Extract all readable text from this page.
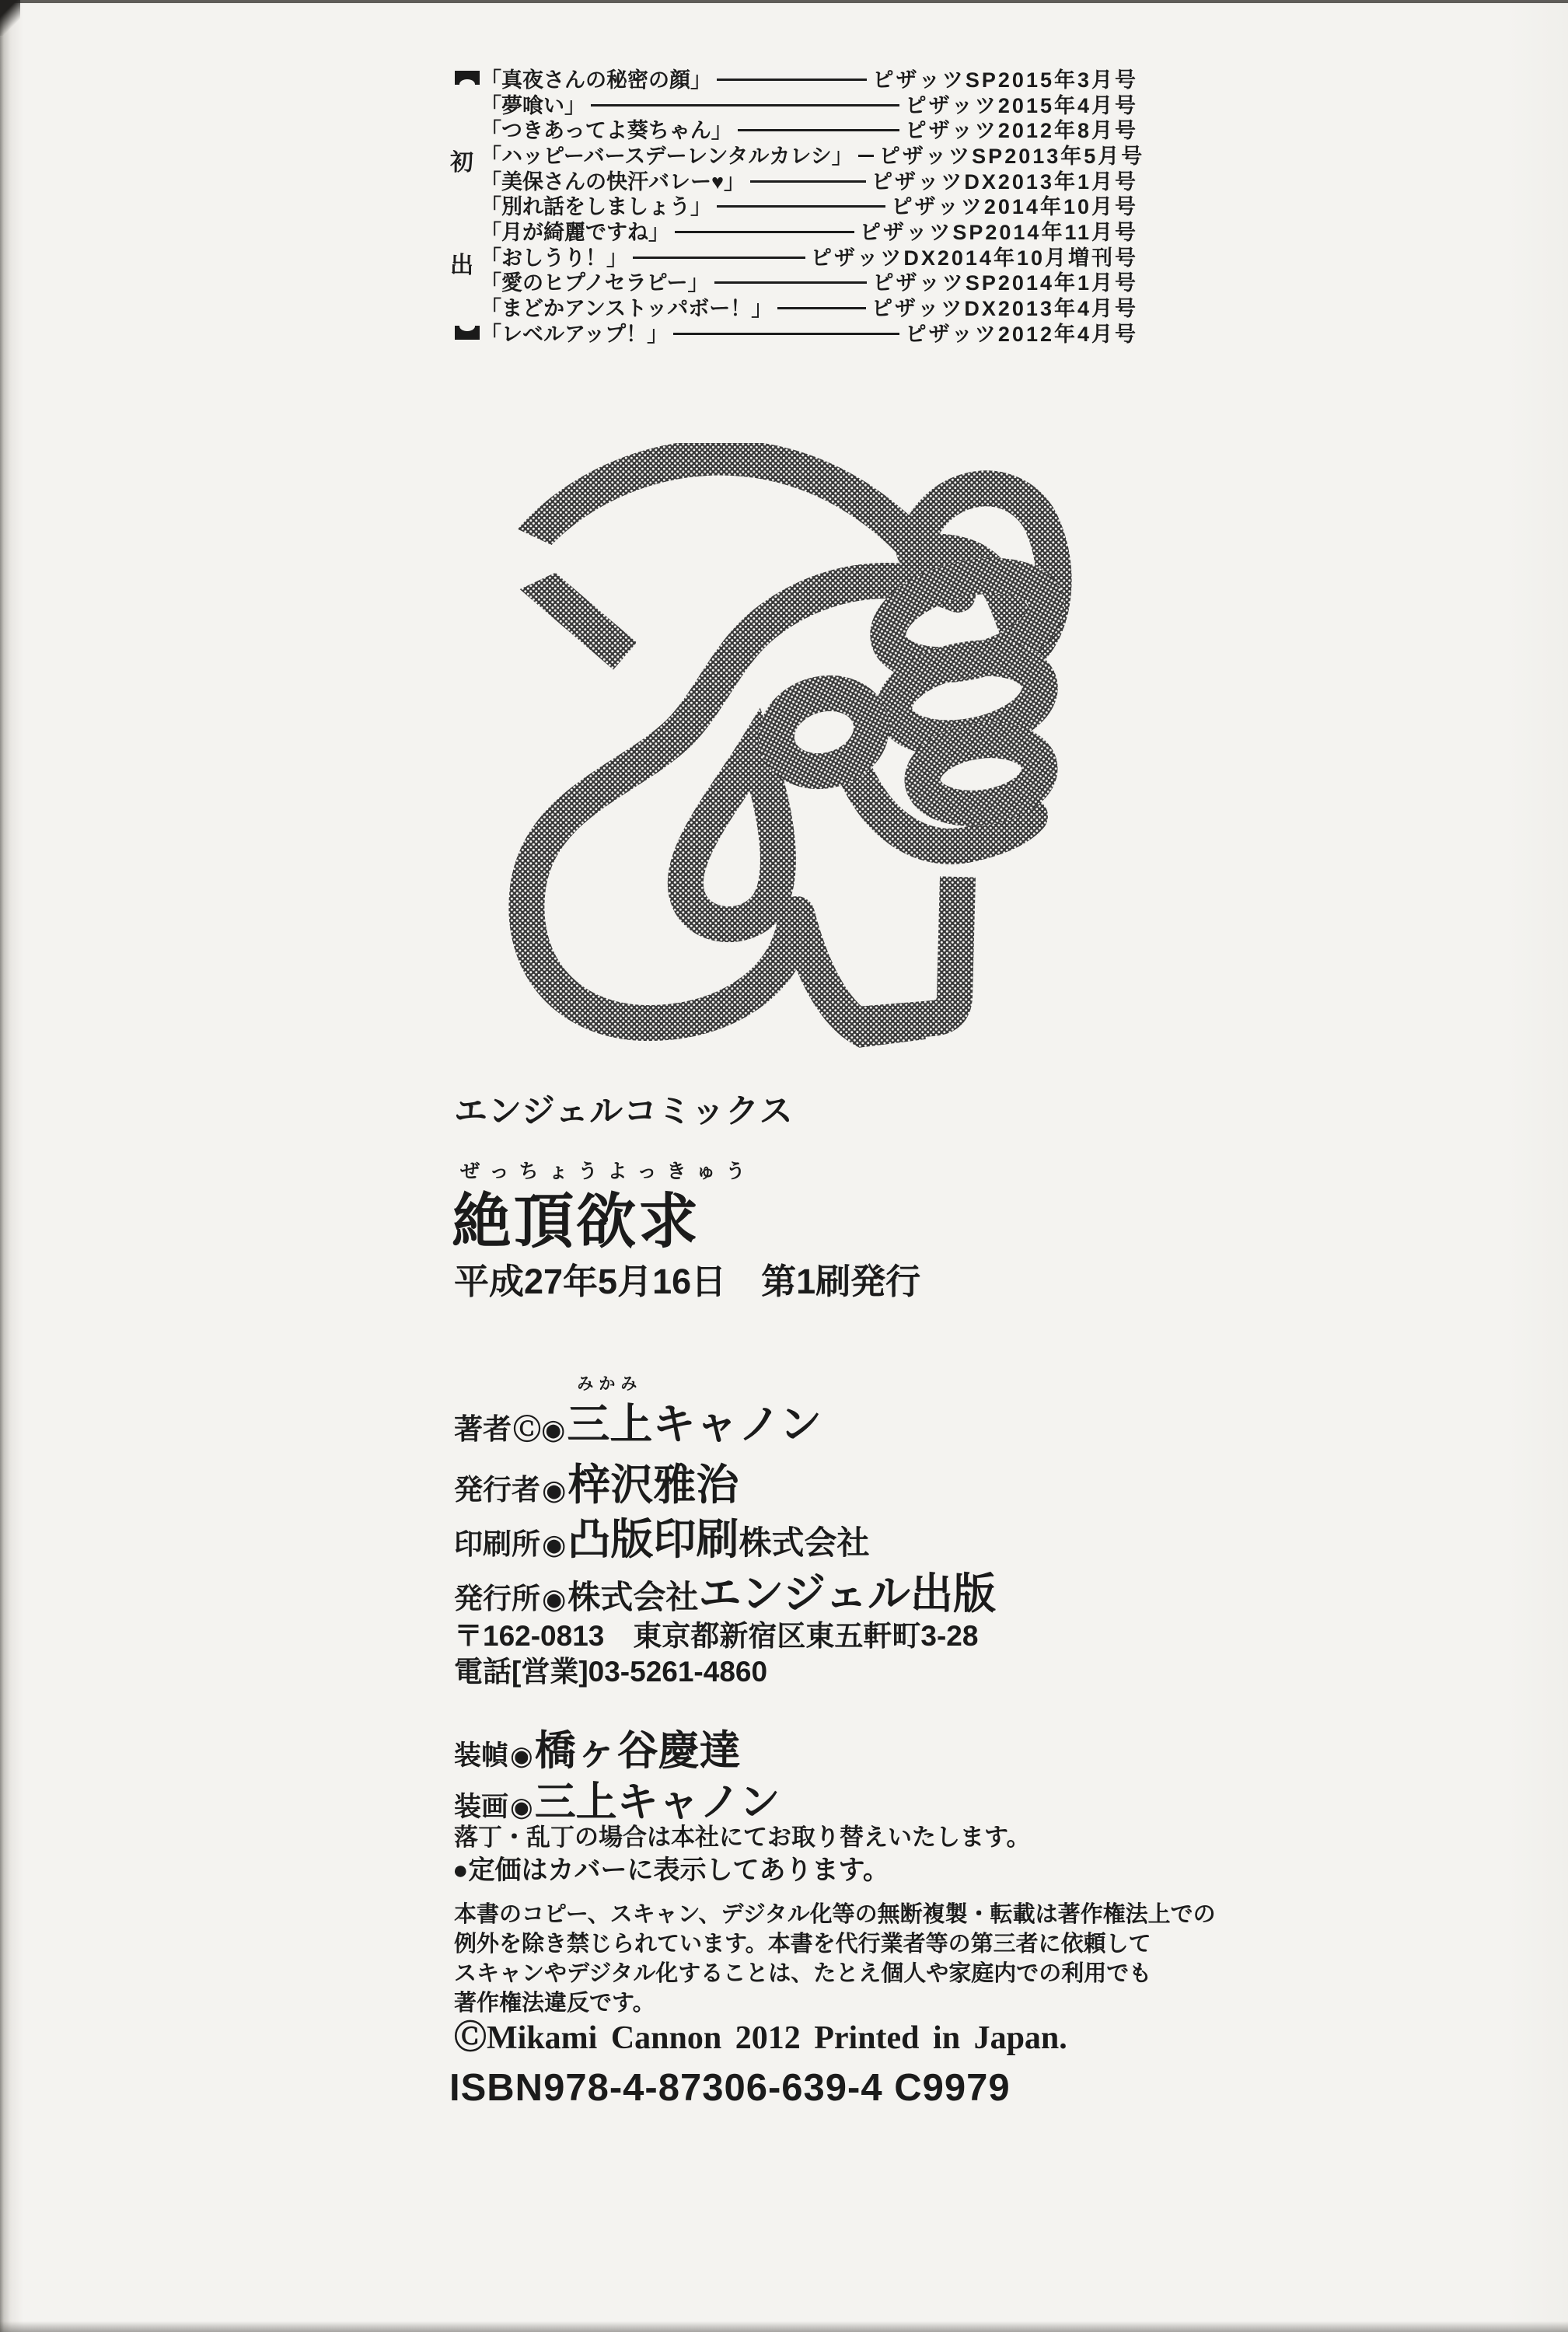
初
出
「真夜さんの秘密の顔」	ピザッツSP2015年3月号
「夢喰い」	ピザッツ2015年4月号
「つきあってよ葵ちゃん」	ピザッツ2012年8月号
「ハッピーバースデーレンタルカレシ」 ピザッツSP2013年5月号
「美保さんの快汗バレー♥」	ピザッツDX2013年1月号
「別れ話をしましょう」	ピザッツ2014年10月号
「月が綺麗ですね」	ピザッツSP2014年11月号
「おしうり！」	ピザッツDX2014年10月増刊号
「愛のヒプノセラピー」	ピザッツSP2014年1月号
「まどかアンストッパボー！」	ピザッツDX2013年4月号
「レベルアップ！」	ピザッツ2012年4月号
エンジェルコミックス
ぜっちょうよっきゅう
絶頂欲求
平成27年5月16日　第1刷発行
著者 Ⓒ◉
みかみ
三上 キャノン
発行者 ◉ 梓沢雅治
印刷所 ◉ 凸版印刷 株式会社
発行所 ◉ 株式会社 エンジェル出版
〒162-0813　東京都新宿区東五軒町3-28
電話[営業]03-5261-4860
装幀 ◉ 橋ヶ谷慶達
装画 ◉ 三上キャノン
落丁・乱丁の場合は本社にてお取り替えいたします。
●定価はカバーに表示してあります。
本書のコピー、スキャン、デジタル化等の無断複製・転載は著作権法上での
例外を除き禁じられています。本書を代行業者等の第三者に依頼して
スキャンやデジタル化することは、たとえ個人や家庭内での利用でも
著作権法違反です。
ⒸMikami Cannon 2012 Printed in Japan.
ISBN978-4-87306-639-4 C9979
